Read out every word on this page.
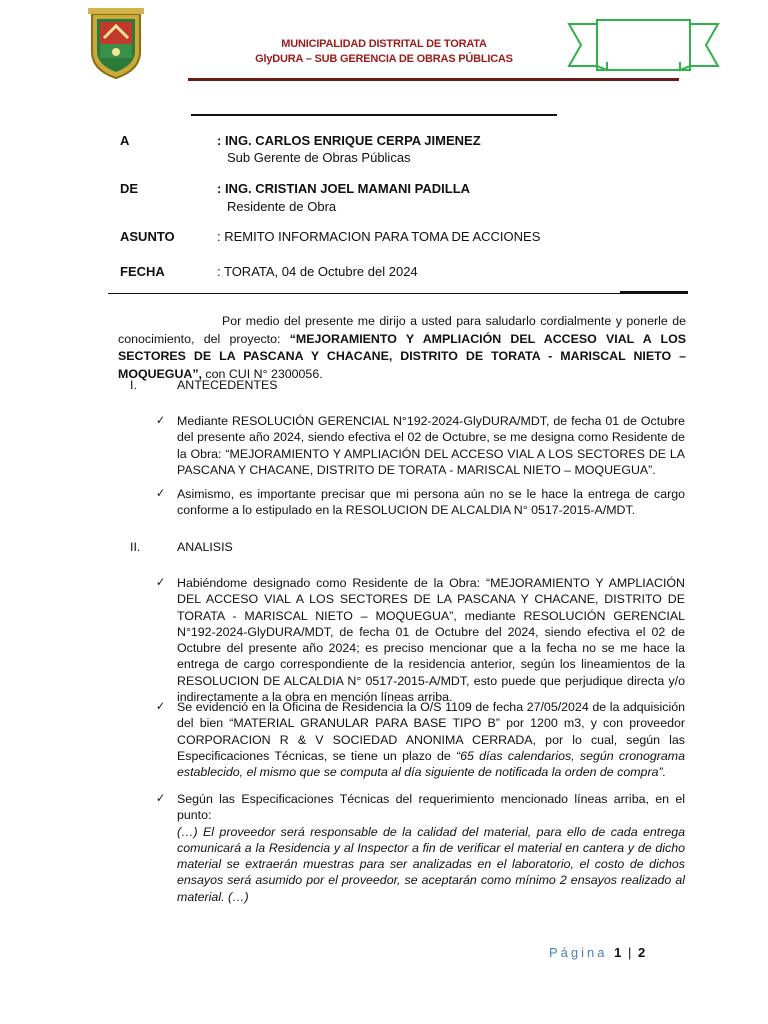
MUNICIPALIDAD DISTRITAL DE TORATA
GlyDURA – SUB GERENCIA DE OBRAS PÚBLICAS
A	: ING. CARLOS ENRIQUE CERPA JIMENEZ
Sub Gerente de Obras Públicas
DE	: ING. CRISTIAN JOEL MAMANI PADILLA
Residente de Obra
ASUNTO	: REMITO INFORMACION PARA TOMA DE ACCIONES
FECHA	: TORATA, 04 de Octubre del 2024
Por medio del presente me dirijo a usted para saludarlo cordialmente y ponerle de conocimiento, del proyecto: “MEJORAMIENTO Y AMPLIACIÓN DEL ACCESO VIAL A LOS SECTORES DE LA PASCANA Y CHACANE, DISTRITO DE TORATA - MARISCAL NIETO – MOQUEGUA”, con CUI N° 2300056.
I.	ANTECEDENTES
✓ Mediante RESOLUCIÓN GERENCIAL N°192-2024-GlyDURA/MDT, de fecha 01 de Octubre del presente año 2024, siendo efectiva el 02 de Octubre, se me designa como Residente de la Obra: “MEJORAMIENTO Y AMPLIACIÓN DEL ACCESO VIAL A LOS SECTORES DE LA PASCANA Y CHACANE, DISTRITO DE TORATA - MARISCAL NIETO – MOQUEGUA”.
✓ Asimismo, es importante precisar que mi persona aún no se le hace la entrega de cargo conforme a lo estipulado en la RESOLUCION DE ALCALDIA N° 0517-2015-A/MDT.
II.	ANALISIS
✓ Habiéndome designado como Residente de la Obra: “MEJORAMIENTO Y AMPLIACIÓN DEL ACCESO VIAL A LOS SECTORES DE LA PASCANA Y CHACANE, DISTRITO DE TORATA - MARISCAL NIETO – MOQUEGUA”, mediante RESOLUCIÓN GERENCIAL N°192-2024-GlyDURA/MDT, de fecha 01 de Octubre del 2024, siendo efectiva el 02 de Octubre del presente año 2024; es preciso mencionar que a la fecha no se me hace la entrega de cargo correspondiente de la residencia anterior, según los lineamientos de la RESOLUCION DE ALCALDIA N° 0517-2015-A/MDT, esto puede que perjudique directa y/o indirectamente a la obra en mención líneas arriba.
✓ Se evidenció en la Oficina de Residencia la O/S 1109 de fecha 27/05/2024 de la adquisición del bien “MATERIAL GRANULAR PARA BASE TIPO B” por 1200 m3, y con proveedor CORPORACION R & V SOCIEDAD ANONIMA CERRADA, por lo cual, según las Especificaciones Técnicas, se tiene un plazo de “65 días calendarios, según cronograma establecido, el mismo que se computa al día siguiente de notificada la orden de compra”.
✓ Según las Especificaciones Técnicas del requerimiento mencionado líneas arriba, en el punto:
(…) El proveedor será responsable de la calidad del material, para ello de cada entrega comunicará a la Residencia y al Inspector a fin de verificar el material en cantera y de dicho material se extraerán muestras para ser analizadas en el laboratorio, el costo de dichos ensayos será asumido por el proveedor, se aceptarán como mínimo 2 ensayos realizado al material. (…)
Página 1 | 2
